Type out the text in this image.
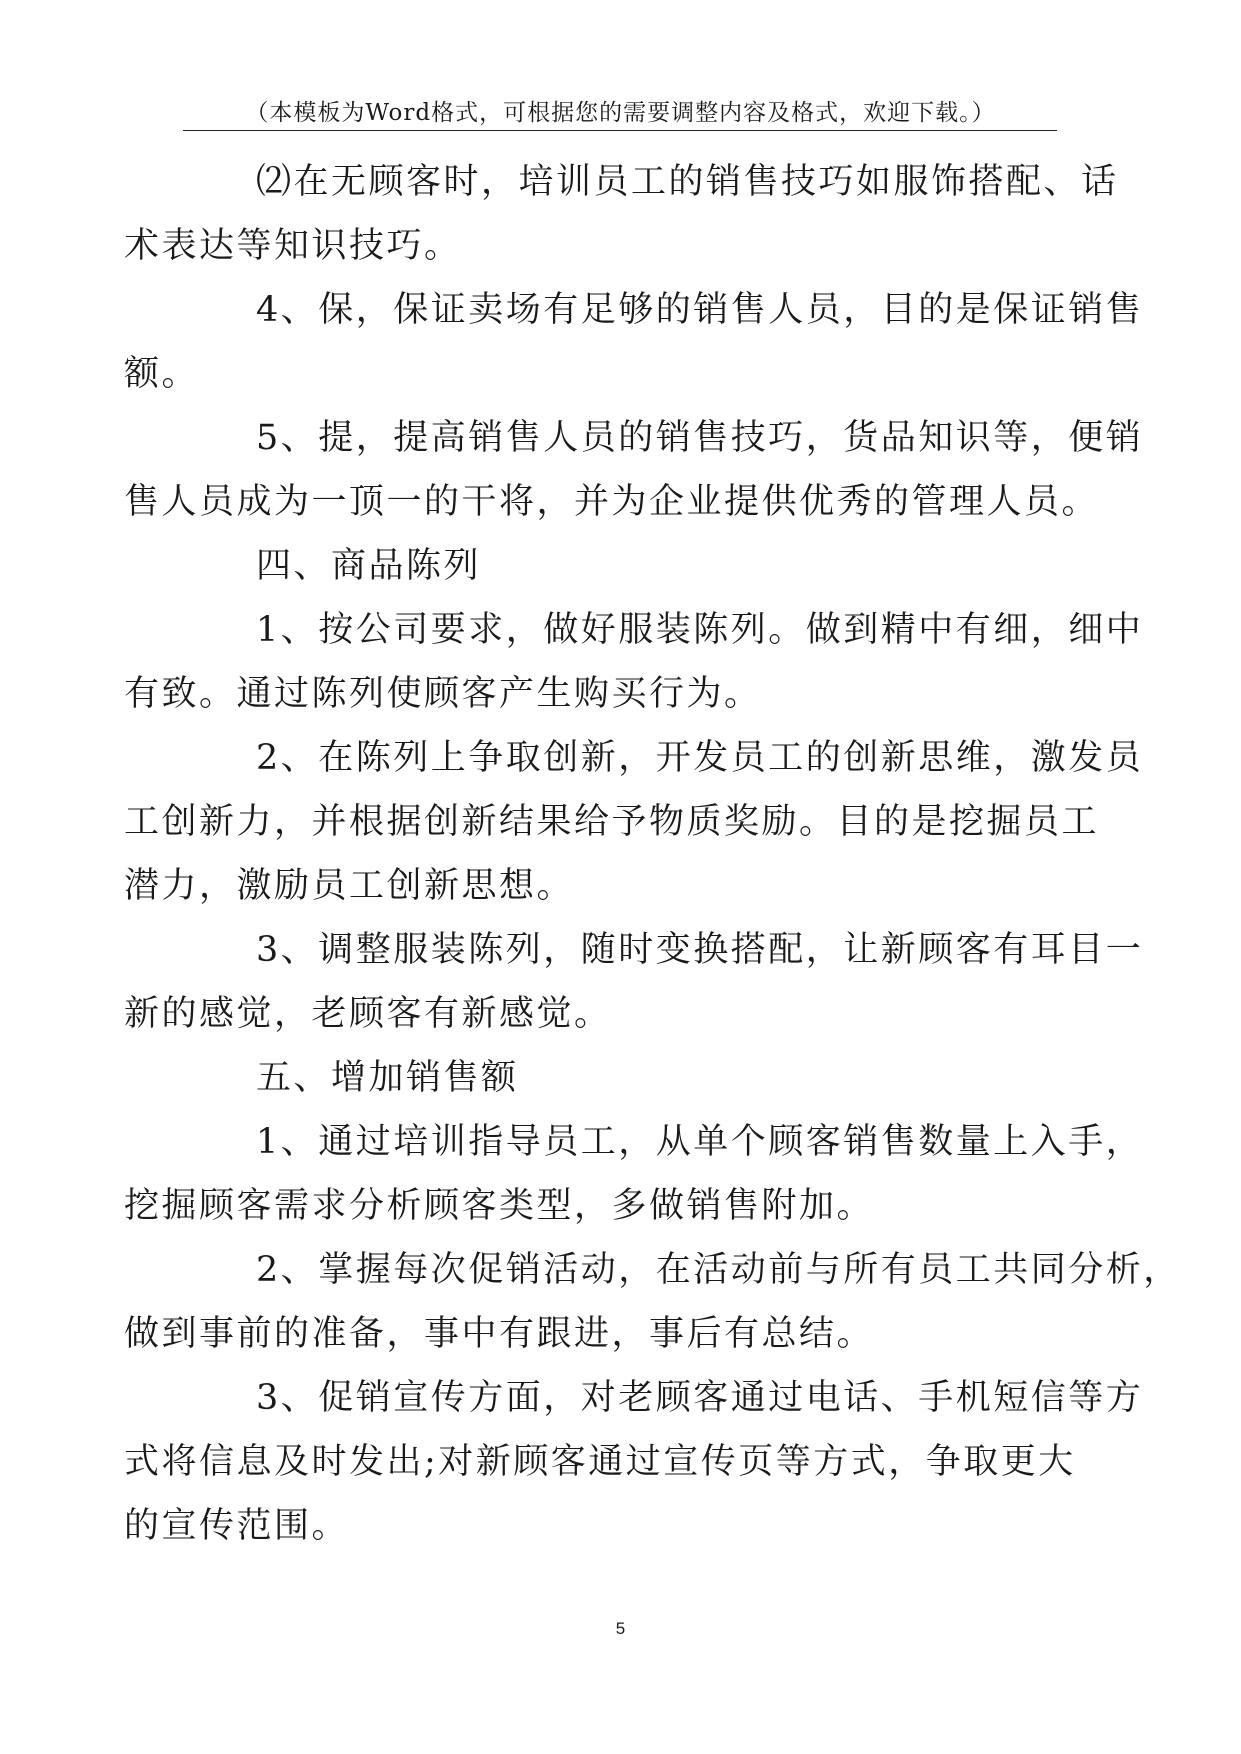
（本模板为Word格式，可根据您的需要调整内容及格式，欢迎下载。）

⑵在无顾客时，培训员工的销售技巧如服饰搭配、话
术表达等知识技巧。

4、保，保证卖场有足够的销售人员，目的是保证销售
额。

5、提，提高销售人员的销售技巧，货品知识等，便销
售人员成为一顶一的干将，并为企业提供优秀的管理人员。

四、商品陈列

1、按公司要求，做好服装陈列。做到精中有细，细中
有致。通过陈列使顾客产生购买行为。

2、在陈列上争取创新，开发员工的创新思维，激发员
工创新力，并根据创新结果给予物质奖励。目的是挖掘员工
潜力，激励员工创新思想。

3、调整服装陈列，随时变换搭配，让新顾客有耳目一
新的感觉，老顾客有新感觉。

五、增加销售额

1、通过培训指导员工，从单个顾客销售数量上入手，
挖掘顾客需求分析顾客类型，多做销售附加。

2、掌握每次促销活动，在活动前与所有员工共同分析，
做到事前的准备，事中有跟进，事后有总结。

3、促销宣传方面，对老顾客通过电话、手机短信等方
式将信息及时发出;对新顾客通过宣传页等方式，争取更大
的宣传范围。

5
